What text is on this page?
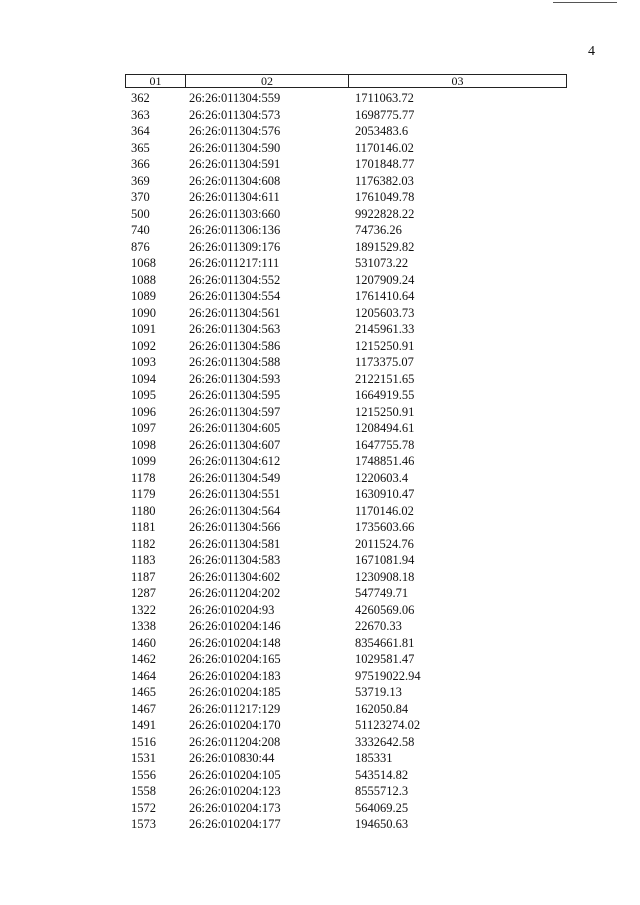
4
01	02	03
362	26:26:011304:559	1711063.72
363	26:26:011304:573	1698775.77
364	26:26:011304:576	2053483.6
365	26:26:011304:590	1170146.02
366	26:26:011304:591	1701848.77
369	26:26:011304:608	1176382.03
370	26:26:011304:611	1761049.78
500	26:26:011303:660	9922828.22
740	26:26:011306:136	74736.26
876	26:26:011309:176	1891529.82
1068	26:26:011217:111	531073.22
1088	26:26:011304:552	1207909.24
1089	26:26:011304:554	1761410.64
1090	26:26:011304:561	1205603.73
1091	26:26:011304:563	2145961.33
1092	26:26:011304:586	1215250.91
1093	26:26:011304:588	1173375.07
1094	26:26:011304:593	2122151.65
1095	26:26:011304:595	1664919.55
1096	26:26:011304:597	1215250.91
1097	26:26:011304:605	1208494.61
1098	26:26:011304:607	1647755.78
1099	26:26:011304:612	1748851.46
1178	26:26:011304:549	1220603.4
1179	26:26:011304:551	1630910.47
1180	26:26:011304:564	1170146.02
1181	26:26:011304:566	1735603.66
1182	26:26:011304:581	2011524.76
1183	26:26:011304:583	1671081.94
1187	26:26:011304:602	1230908.18
1287	26:26:011204:202	547749.71
1322	26:26:010204:93	4260569.06
1338	26:26:010204:146	22670.33
1460	26:26:010204:148	8354661.81
1462	26:26:010204:165	1029581.47
1464	26:26:010204:183	97519022.94
1465	26:26:010204:185	53719.13
1467	26:26:011217:129	162050.84
1491	26:26:010204:170	51123274.02
1516	26:26:011204:208	3332642.58
1531	26:26:010830:44	185331
1556	26:26:010204:105	543514.82
1558	26:26:010204:123	8555712.3
1572	26:26:010204:173	564069.25
1573	26:26:010204:177	194650.63
